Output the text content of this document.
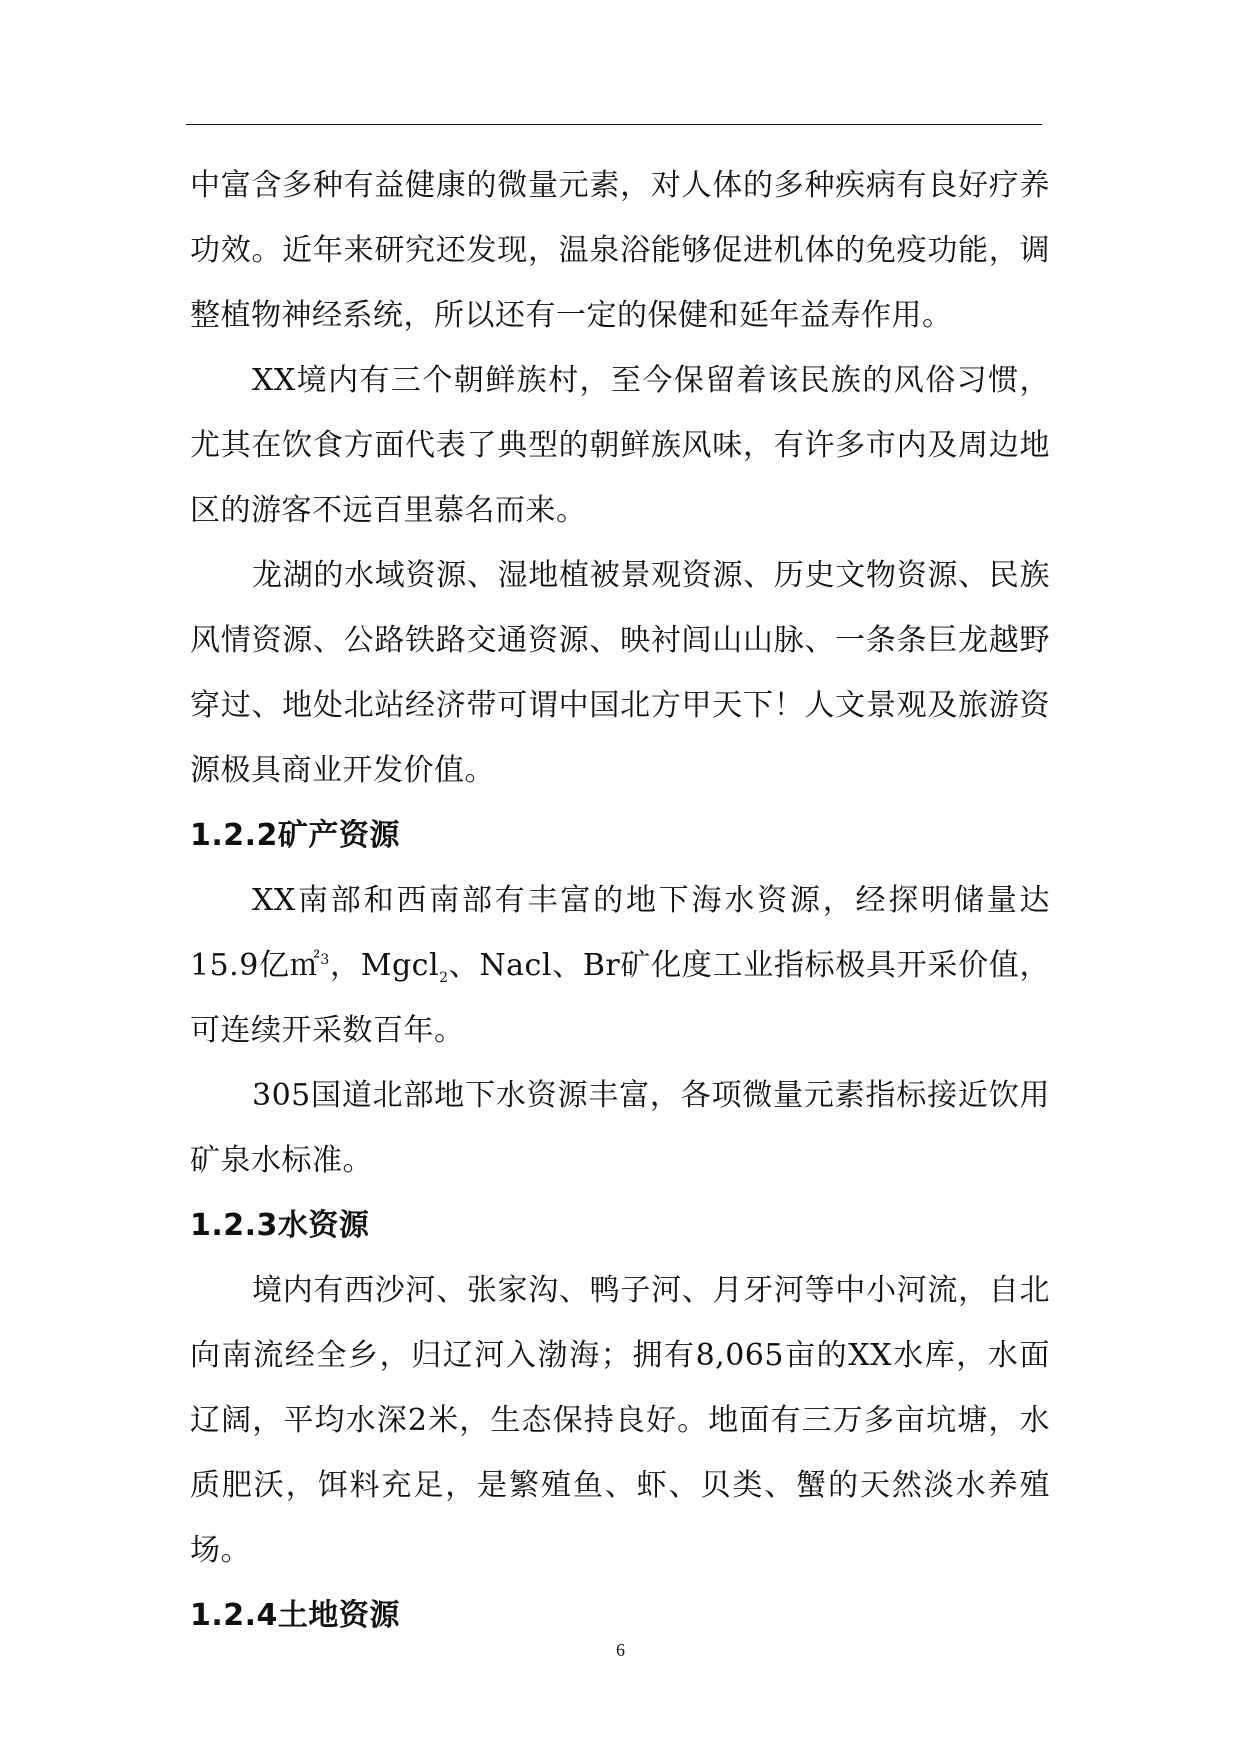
中富含多种有益健康的微量元素，对人体的多种疾病有良好疗养功效。近年来研究还发现，温泉浴能够促进机体的免疫功能，调整植物神经系统，所以还有一定的保健和延年益寿作用。

XX境内有三个朝鲜族村，至今保留着该民族的风俗习惯，尤其在饮食方面代表了典型的朝鲜族风味，有许多市内及周边地区的游客不远百里慕名而来。

龙湖的水域资源、湿地植被景观资源、历史文物资源、民族风情资源、公路铁路交通资源、映衬闾山山脉、一条条巨龙越野穿过、地处北站经济带可谓中国北方甲天下！人文景观及旅游资源极具商业开发价值。

1.2.2矿产资源

XX南部和西南部有丰富的地下海水资源，经探明储量达15.9亿㎡$^3$，Mgcl$_2$、Nacl、Br矿化度工业指标极具开采价值，可连续开采数百年。

305国道北部地下水资源丰富，各项微量元素指标接近饮用矿泉水标准。

1.2.3水资源

境内有西沙河、张家沟、鸭子河、月牙河等中小河流，自北向南流经全乡，归辽河入渤海；拥有8,065亩的XX水库，水面辽阔，平均水深2米，生态保持良好。地面有三万多亩坑塘，水质肥沃，饵料充足，是繁殖鱼、虾、贝类、蟹的天然淡水养殖场。

1.2.4土地资源
6
